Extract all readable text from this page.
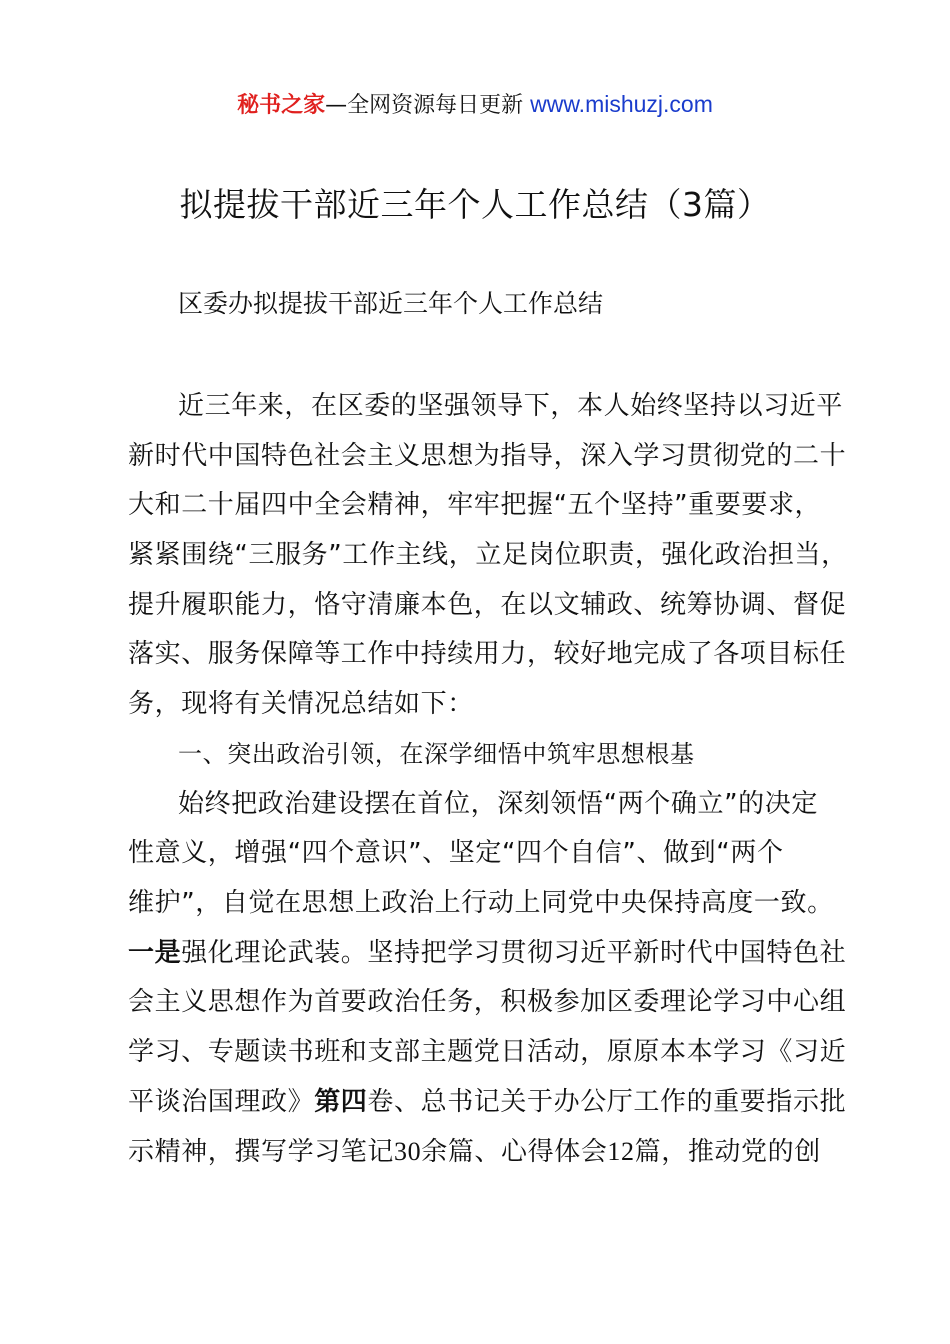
秘书之家—全网资源每日更新 www.mishuzj.com
拟提拔干部近三年个人工作总结（3篇）
区委办拟提拔干部近三年个人工作总结
近三年来，在区委的坚强领导下，本人始终坚持以习近平
新时代中国特色社会主义思想为指导，深入学习贯彻党的二十
大和二十届四中全会精神，牢牢把握“五个坚持”重要要求，
紧紧围绕“三服务”工作主线，立足岗位职责，强化政治担当，
提升履职能力，恪守清廉本色，在以文辅政、统筹协调、督促
落实、服务保障等工作中持续用力，较好地完成了各项目标任
务，现将有关情况总结如下：
一、突出政治引领，在深学细悟中筑牢思想根基
始终把政治建设摆在首位，深刻领悟“两个确立”的决定
性意义，增强“四个意识”、坚定“四个自信”、做到“两个
维护”，自觉在思想上政治上行动上同党中央保持高度一致。
一是强化理论武装。坚持把学习贯彻习近平新时代中国特色社
会主义思想作为首要政治任务，积极参加区委理论学习中心组
学习、专题读书班和支部主题党日活动，原原本本学习《习近
平谈治国理政》第四卷、总书记关于办公厅工作的重要指示批
示精神，撰写学习笔记30余篇、心得体会12篇，推动党的创
